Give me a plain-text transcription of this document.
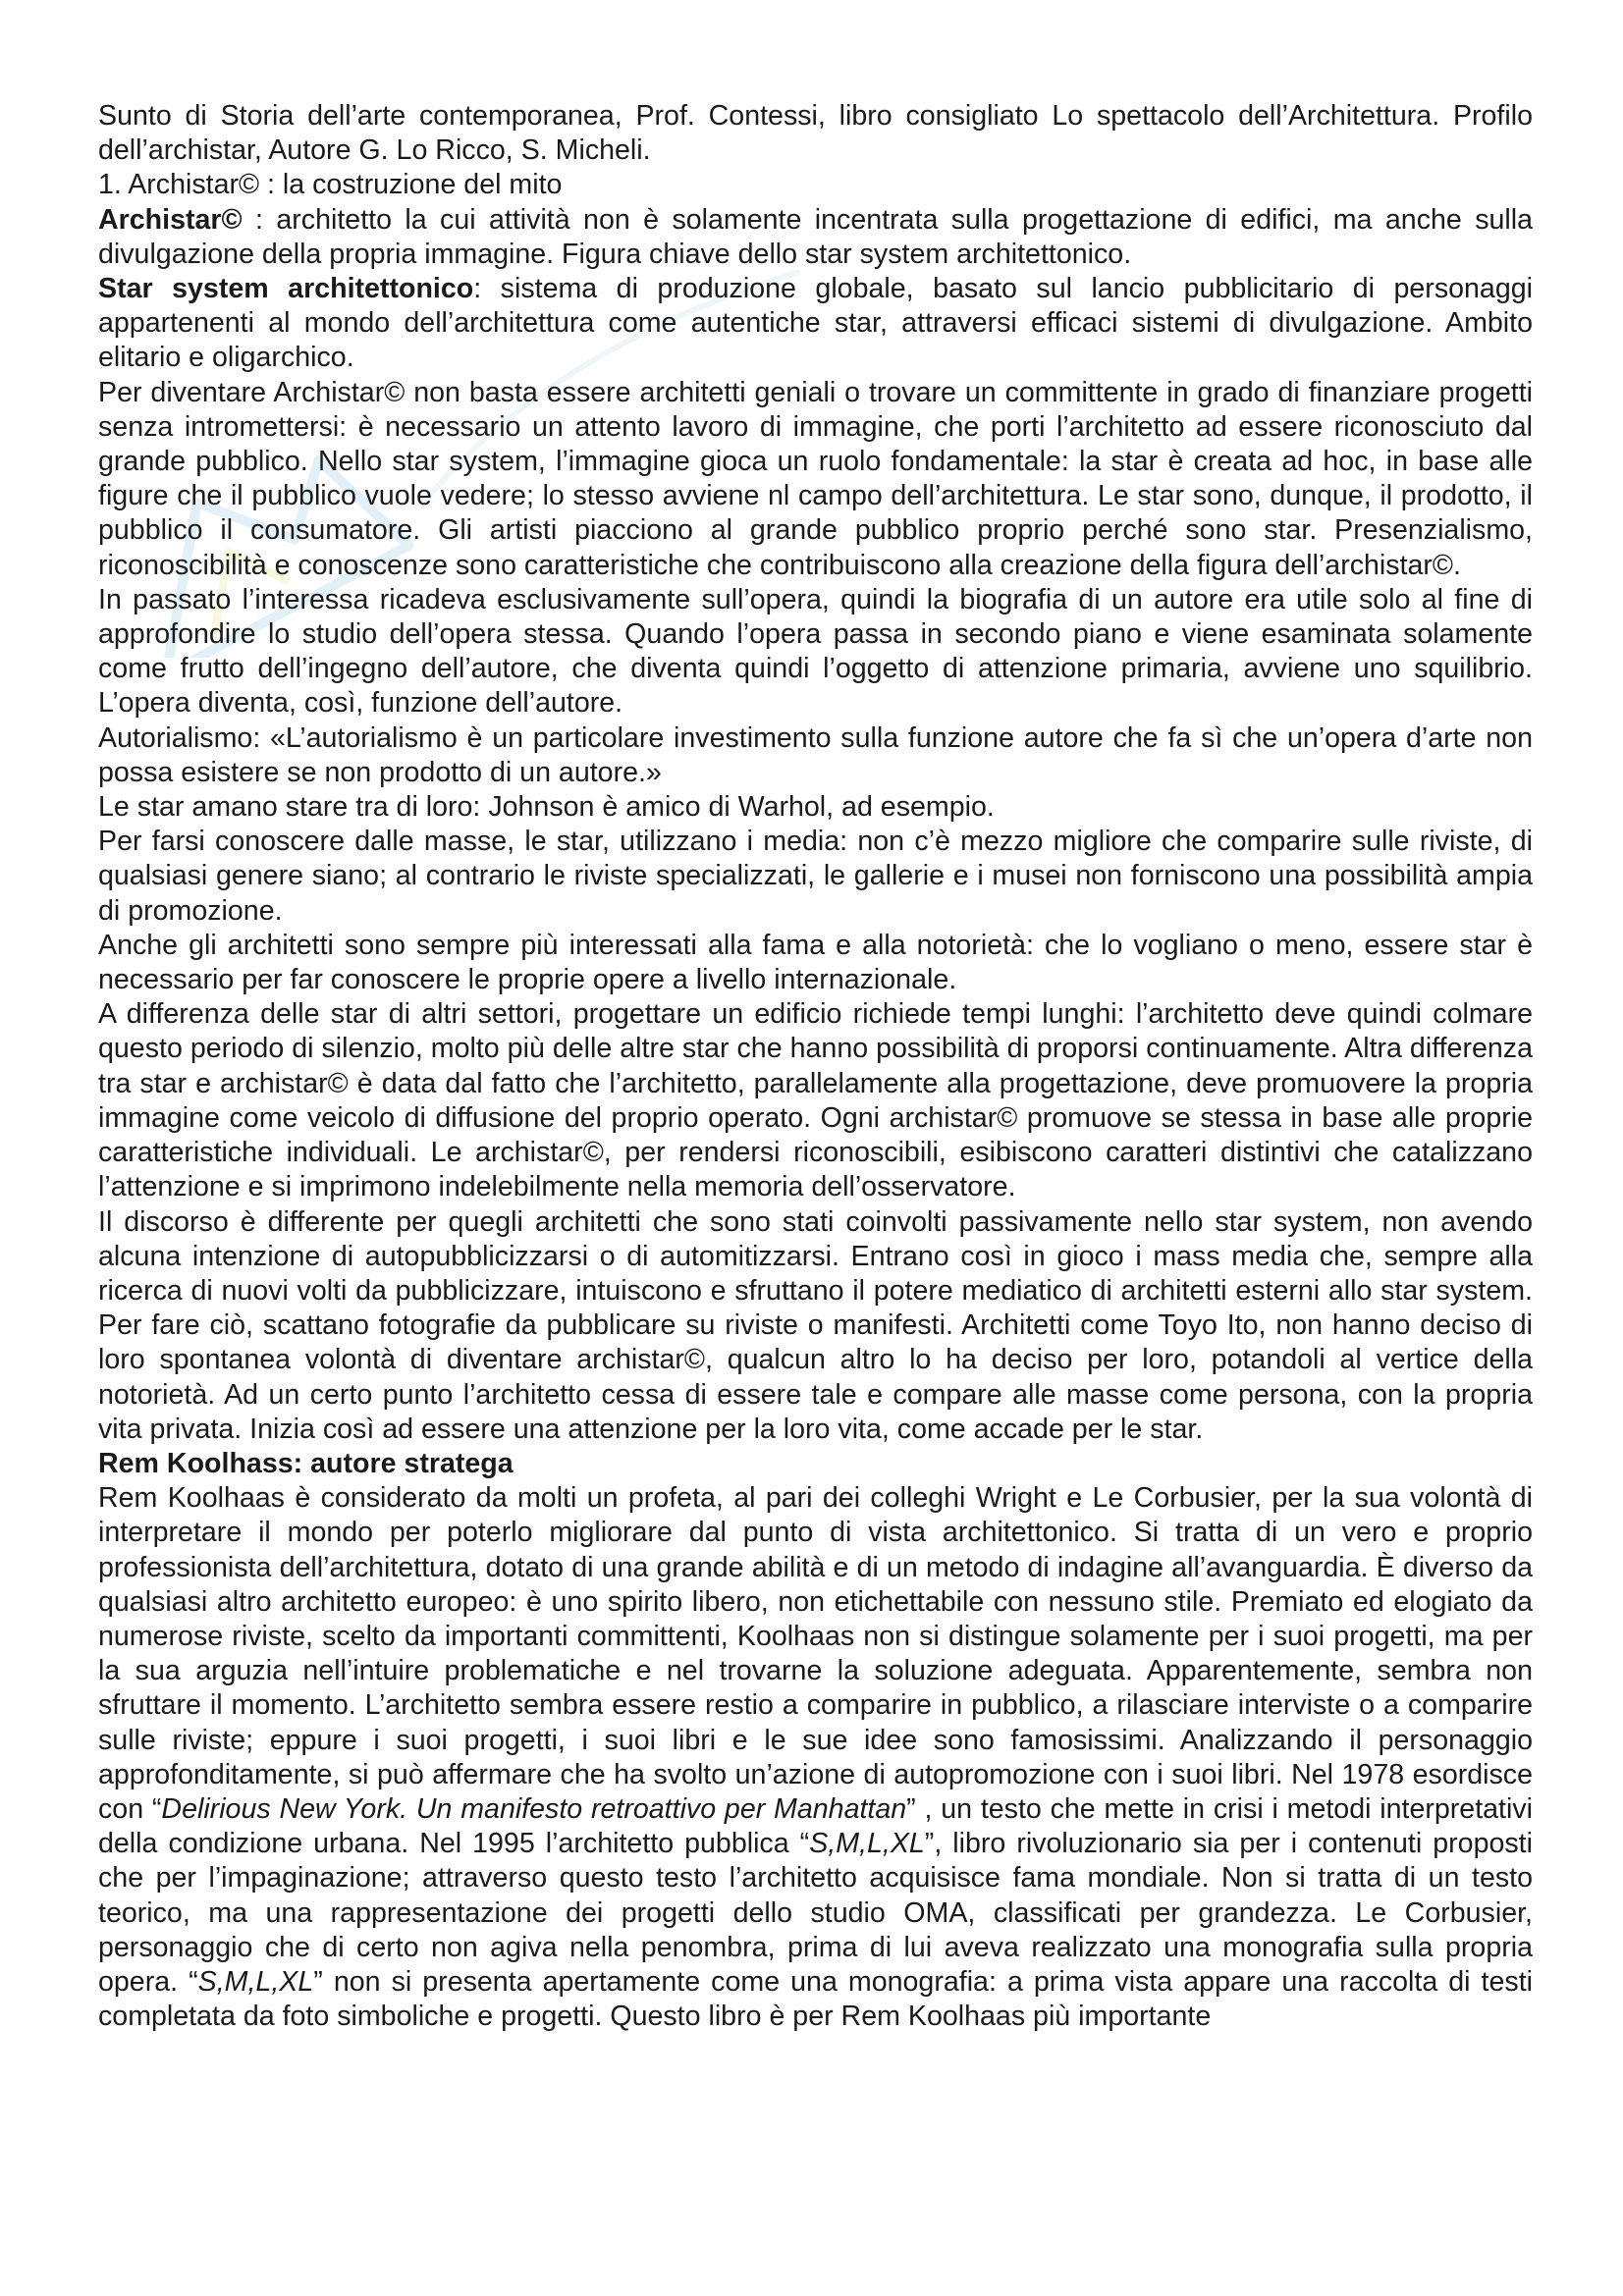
Sunto di Storia dell’arte contemporanea, Prof. Contessi, libro consigliato Lo spettacolo dell’Architettura. Profilo dell’archistar, Autore G. Lo Ricco, S. Micheli.

1. Archistar© : la costruzione del mito

Archistar© : architetto la cui attività non è solamente incentrata sulla progettazione di edifici, ma anche sulla divulgazione della propria immagine. Figura chiave dello star system architettonico.

Star system architettonico: sistema di produzione globale, basato sul lancio pubblicitario di personaggi appartenenti al mondo dell’architettura come autentiche star, attraversi efficaci sistemi di divulgazione. Ambito elitario e oligarchico.

Per diventare Archistar© non basta essere architetti geniali o trovare un committente in grado di finanziare progetti senza intromettersi: è necessario un attento lavoro di immagine, che porti l’architetto ad essere riconosciuto dal grande pubblico. Nello star system, l’immagine gioca un ruolo fondamentale: la star è creata ad hoc, in base alle figure che il pubblico vuole vedere; lo stesso avviene nl campo dell’architettura. Le star sono, dunque, il prodotto, il pubblico il consumatore. Gli artisti piacciono al grande pubblico proprio perché sono star. Presenzialismo, riconoscibilità e conoscenze sono caratteristiche che contribuiscono alla creazione della figura dell’archistar©.

In passato l’interessa ricadeva esclusivamente sull’opera, quindi la biografia di un autore era utile solo al fine di approfondire lo studio dell’opera stessa. Quando l’opera passa in secondo piano e viene esaminata solamente come frutto dell’ingegno dell’autore, che diventa quindi l’oggetto di attenzione primaria, avviene uno squilibrio. L’opera diventa, così, funzione dell’autore.

Autorialismo: «L’autorialismo è un particolare investimento sulla funzione autore che fa sì che un’opera d’arte non possa esistere se non prodotto di un autore.»

Le star amano stare tra di loro: Johnson è amico di Warhol, ad esempio.

Per farsi conoscere dalle masse, le star, utilizzano i media: non c’è mezzo migliore che comparire sulle riviste, di qualsiasi genere siano; al contrario le riviste specializzati, le gallerie e i musei non forniscono una possibilità ampia di promozione.

Anche gli architetti sono sempre più interessati alla fama e alla notorietà: che lo vogliano o meno, essere star è necessario per far conoscere le proprie opere a livello internazionale.

A differenza delle star di altri settori, progettare un edificio richiede tempi lunghi: l’architetto deve quindi colmare questo periodo di silenzio, molto più delle altre star che hanno possibilità di proporsi continuamente. Altra differenza tra star e archistar© è data dal fatto che l’architetto, parallelamente alla progettazione, deve promuovere la propria immagine come veicolo di diffusione del proprio operato. Ogni archistar© promuove se stessa in base alle proprie caratteristiche individuali. Le archistar©, per rendersi riconoscibili, esibiscono caratteri distintivi che catalizzano l’attenzione e si imprimono indelebilmente nella memoria dell’osservatore.

Il discorso è differente per quegli architetti che sono stati coinvolti passivamente nello star system, non avendo alcuna intenzione di autopubblicizzarsi o di automitizzarsi. Entrano così in gioco i mass media che, sempre alla ricerca di nuovi volti da pubblicizzare, intuiscono e sfruttano il potere mediatico di architetti esterni allo star system. Per fare ciò, scattano fotografie da pubblicare su riviste o manifesti. Architetti come Toyo Ito, non hanno deciso di loro spontanea volontà di diventare archistar©, qualcun altro lo ha deciso per loro, potandoli al vertice della notorietà. Ad un certo punto l’architetto cessa di essere tale e compare alle masse come persona, con la propria vita privata. Inizia così ad essere una attenzione per la loro vita, come accade per le star.

Rem Koolhass: autore stratega

Rem Koolhaas è considerato da molti un profeta, al pari dei colleghi Wright e Le Corbusier, per la sua volontà di interpretare il mondo per poterlo migliorare dal punto di vista architettonico. Si tratta di un vero e proprio professionista dell’architettura, dotato di una grande abilità e di un metodo di indagine all’avanguardia. È diverso da qualsiasi altro architetto europeo: è uno spirito libero, non etichettabile con nessuno stile. Premiato ed elogiato da numerose riviste, scelto da importanti committenti, Koolhaas non si distingue solamente per i suoi progetti, ma per la sua arguzia nell’intuire problematiche e nel trovarne la soluzione adeguata. Apparentemente, sembra non sfruttare il momento. L’architetto sembra essere restio a comparire in pubblico, a rilasciare interviste o a comparire sulle riviste; eppure i suoi progetti, i suoi libri e le sue idee sono famosissimi. Analizzando il personaggio approfonditamente, si può affermare che ha svolto un’azione di autopromozione con i suoi libri. Nel 1978 esordisce con “Delirious New York. Un manifesto retroattivo per Manhattan” , un testo che mette in crisi i metodi interpretativi della condizione urbana. Nel 1995 l’architetto pubblica “S,M,L,XL”, libro rivoluzionario sia per i contenuti proposti che per l’impaginazione; attraverso questo testo l’architetto acquisisce fama mondiale. Non si tratta di un testo teorico, ma una rappresentazione dei progetti dello studio OMA, classificati per grandezza. Le Corbusier, personaggio che di certo non agiva nella penombra, prima di lui aveva realizzato una monografia sulla propria opera. “S,M,L,XL” non si presenta apertamente come una monografia: a prima vista appare una raccolta di testi completata da foto simboliche e progetti. Questo libro è per Rem Koolhaas più importante
